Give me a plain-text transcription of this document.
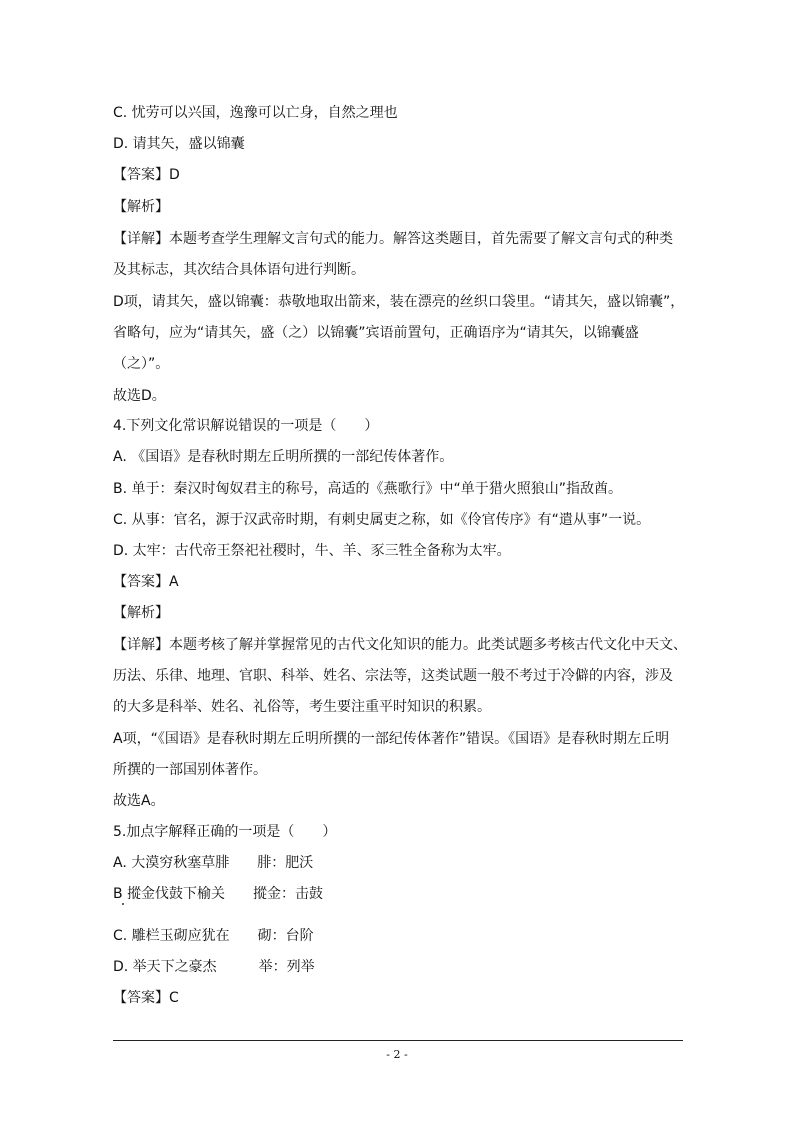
C. 忧劳可以兴国，逸豫可以亡身，自然之理也
D. 请其矢，盛以锦囊
【答案】D
【解析】
【详解】本题考查学生理解文言句式的能力。解答这类题目，首先需要了解文言句式的种类
及其标志，其次结合具体语句进行判断。
D项，请其矢，盛以锦囊：恭敬地取出箭来，装在漂亮的丝织口袋里。“请其矢，盛以锦囊”，
省略句，应为“请其矢，盛（之）以锦囊”宾语前置句，正确语序为“请其矢，以锦囊盛
（之）”。
故选D。
4.下列文化常识解说错误的一项是（　　）
A. 《国语》是春秋时期左丘明所撰的一部纪传体著作。
B. 单于：秦汉时匈奴君主的称号，高适的《燕歌行》中“单于猎火照狼山”指敌酋。
C. 从事：官名，源于汉武帝时期，有刺史属吏之称，如《伶官传序》有“遣从事”一说。
D. 太牢：古代帝王祭祀社稷时，牛、羊、豕三牲全备称为太牢。
【答案】A
【解析】
【详解】本题考核了解并掌握常见的古代文化知识的能力。此类试题多考核古代文化中天文、
历法、乐律、地理、官职、科举、姓名、宗法等，这类试题一般不考过于冷僻的内容，涉及
的大多是科举、姓名、礼俗等，考生要注重平时知识的积累。
A项，“《国语》是春秋时期左丘明所撰的一部纪传体著作”错误。《国语》是春秋时期左丘明
所撰的一部国别体著作。
故选A。
5.加点字解释正确的一项是（　　）
A. 大漠穷秋塞草腓　　腓：肥沃
B 摐金伐鼓下榆关　　摐金：击鼓
C. 雕栏玉砌应犹在　　砌：台阶
D. 举天下之豪杰　　　举：列举
【答案】C
- 2 -
